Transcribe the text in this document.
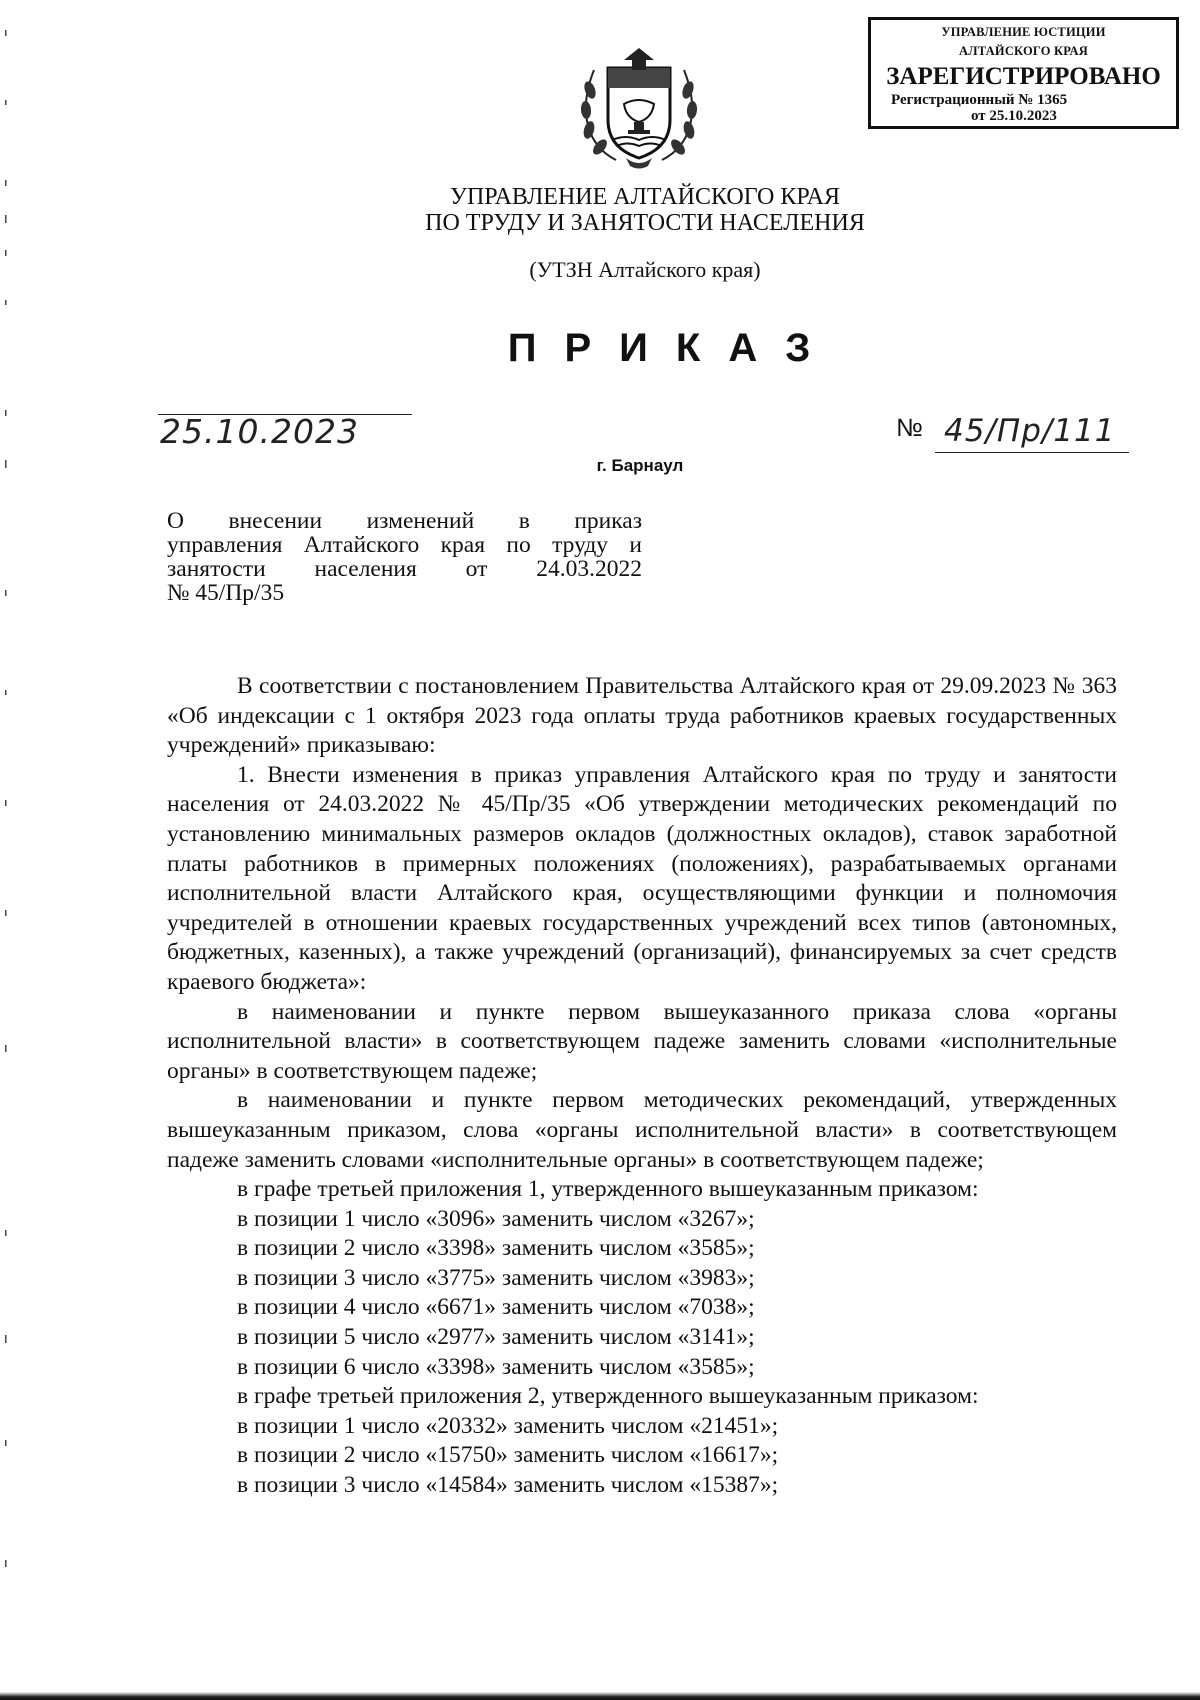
УПРАВЛЕНИЕ ЮСТИЦИИ
АЛТАЙСКОГО КРАЯ
ЗАРЕГИСТРИРОВАНО
Регистрационный № 1365
от 25.10.2023
УПРАВЛЕНИЕ АЛТАЙСКОГО КРАЯ
ПО ТРУДУ И ЗАНЯТОСТИ НАСЕЛЕНИЯ
(УТЗН Алтайского края)
ПРИКАЗ
25.10.2023	№ 45/Пр/111
г. Барнаул
О внесении изменений в приказ
управления Алтайского края по труду и
занятости населения от 24.03.2022
№ 45/Пр/35

В соответствии с постановлением Правительства Алтайского края от 29.09.2023 № 363 «Об индексации с 1 октября 2023 года оплаты труда работников краевых государственных учреждений» приказываю:

1. Внести изменения в приказ управления Алтайского края по труду и занятости населения от 24.03.2022 № 45/Пр/35 «Об утверждении методических рекомендаций по установлению минимальных размеров окладов (должностных окладов), ставок заработной платы работников в примерных положениях (положениях), разрабатываемых органами исполнительной власти Алтайского края, осуществляющими функции и полномочия учредителей в отношении краевых государственных учреждений всех типов (автономных, бюджетных, казенных), а также учреждений (организаций), финансируемых за счет средств краевого бюджета»:

в наименовании и пункте первом вышеуказанного приказа слова «органы исполнительной власти» в соответствующем падеже заменить словами «исполнительные органы» в соответствующем падеже;

в наименовании и пункте первом методических рекомендаций, утвержденных вышеуказанным приказом, слова «органы исполнительной власти» в соответствующем падеже заменить словами «исполнительные органы» в соответствующем падеже;

в графе третьей приложения 1, утвержденного вышеуказанным приказом:

в позиции 1 число «3096» заменить числом «3267»;

в позиции 2 число «3398» заменить числом «3585»;

в позиции 3 число «3775» заменить числом «3983»;

в позиции 4 число «6671» заменить числом «7038»;

в позиции 5 число «2977» заменить числом «3141»;

в позиции 6 число «3398» заменить числом «3585»;

в графе третьей приложения 2, утвержденного вышеуказанным приказом:

в позиции 1 число «20332» заменить числом «21451»;

в позиции 2 число «15750» заменить числом «16617»;

в позиции 3 число «14584» заменить числом «15387»;
